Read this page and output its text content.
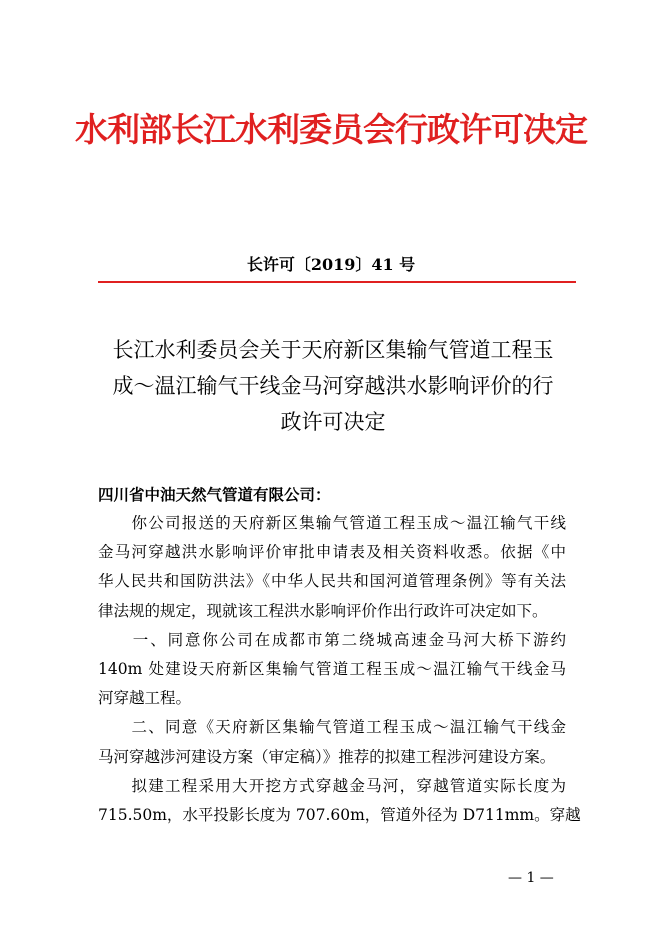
水利部长江水利委员会行政许可决定
长许可〔2019〕41 号
长江水利委员会关于天府新区集输气管道工程玉
成～温江输气干线金马河穿越洪水影响评价的行
政许可决定
四川省中油天然气管道有限公司：
　　你公司报送的天府新区集输气管道工程玉成～温江输气干线
金马河穿越洪水影响评价审批申请表及相关资料收悉。依据《中
华人民共和国防洪法》《中华人民共和国河道管理条例》等有关法
律法规的规定，现就该工程洪水影响评价作出行政许可决定如下。
　　一、同意你公司在成都市第二绕城高速金马河大桥下游约
140m 处建设天府新区集输气管道工程玉成～温江输气干线金马
河穿越工程。
　　二、同意《天府新区集输气管道工程玉成～温江输气干线金
马河穿越涉河建设方案（审定稿）》推荐的拟建工程涉河建设方案。
　　拟建工程采用大开挖方式穿越金马河，穿越管道实际长度为
715.50m，水平投影长度为 707.60m，管道外径为 D711mm。穿越
— 1 —
